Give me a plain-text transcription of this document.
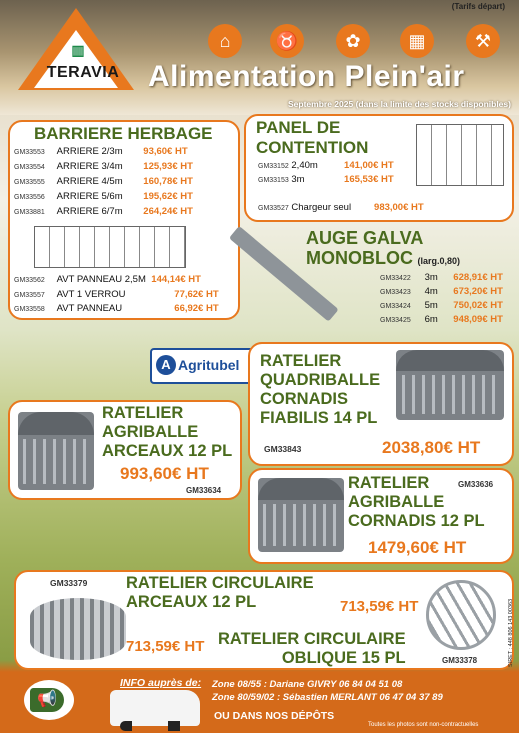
(Tarifs départ)
▥
TERAVIA
⌂	♉	✿	▦	⚒
Alimentation Plein'air
Septembre 2025 (dans la limite des stocks disponibles)
BARRIERE HERBAGE
GM33553 ARRIERE 2/3m 93,60€ HT
GM33554 ARRIERE 3/4m 125,93€ HT
GM33555 ARRIERE 4/5m 160,78€ HT
GM33556 ARRIERE 5/6m 195,62€ HT
GM33881 ARRIERE 6/7m 264,24€ HT
GM33562 AVT PANNEAU 2,5M 144,14€ HT
GM33557 AVT 1 VERROU	77,62€ HT
GM33558 AVT PANNEAU	66,92€ HT
PANEL DE
CONTENTION
GM33152 2,40m	141,00€ HT
GM33153 3m	165,53€ HT
GM33527 Chargeur seul 983,00€ HT
AUGE GALVA
MONOBLOC (larg.0,80)
GM33422 3m 628,91€ HT
GM33423 4m 673,20€ HT
GM33424 5m 750,02€ HT
GM33425 6m 948,09€ HT
A Agritubel RATELIER
QUADRIBALLE
CORNADIS
FIABILIS 14 PL
GM33843	2038,80€ HT
RATELIER
AGRIBALLE
ARCEAUX 12 PL
993,60€ HT
GM33634	RATELIER
AGRIBALLE
CORNADIS 12 PL
GM33636
1479,60€ HT
GM33379 RATELIER CIRCULAIRE
ARCEAUX 12 PL	713,59€ HT
713,59€ HT RATELIER CIRCULAIRE
OBLIQUE 15 PL	GM33378	SIRET : 448 806 143 00363
📢
INFO auprès de: Zone 08/55 : Dariane GIVRY 06 84 04 51 08
Zone 80/59/02 : Sébastien MERLANT 06 47 04 37 89
OU DANS NOS DÉPÔTS
Toutes les photos sont non-contractuelles
